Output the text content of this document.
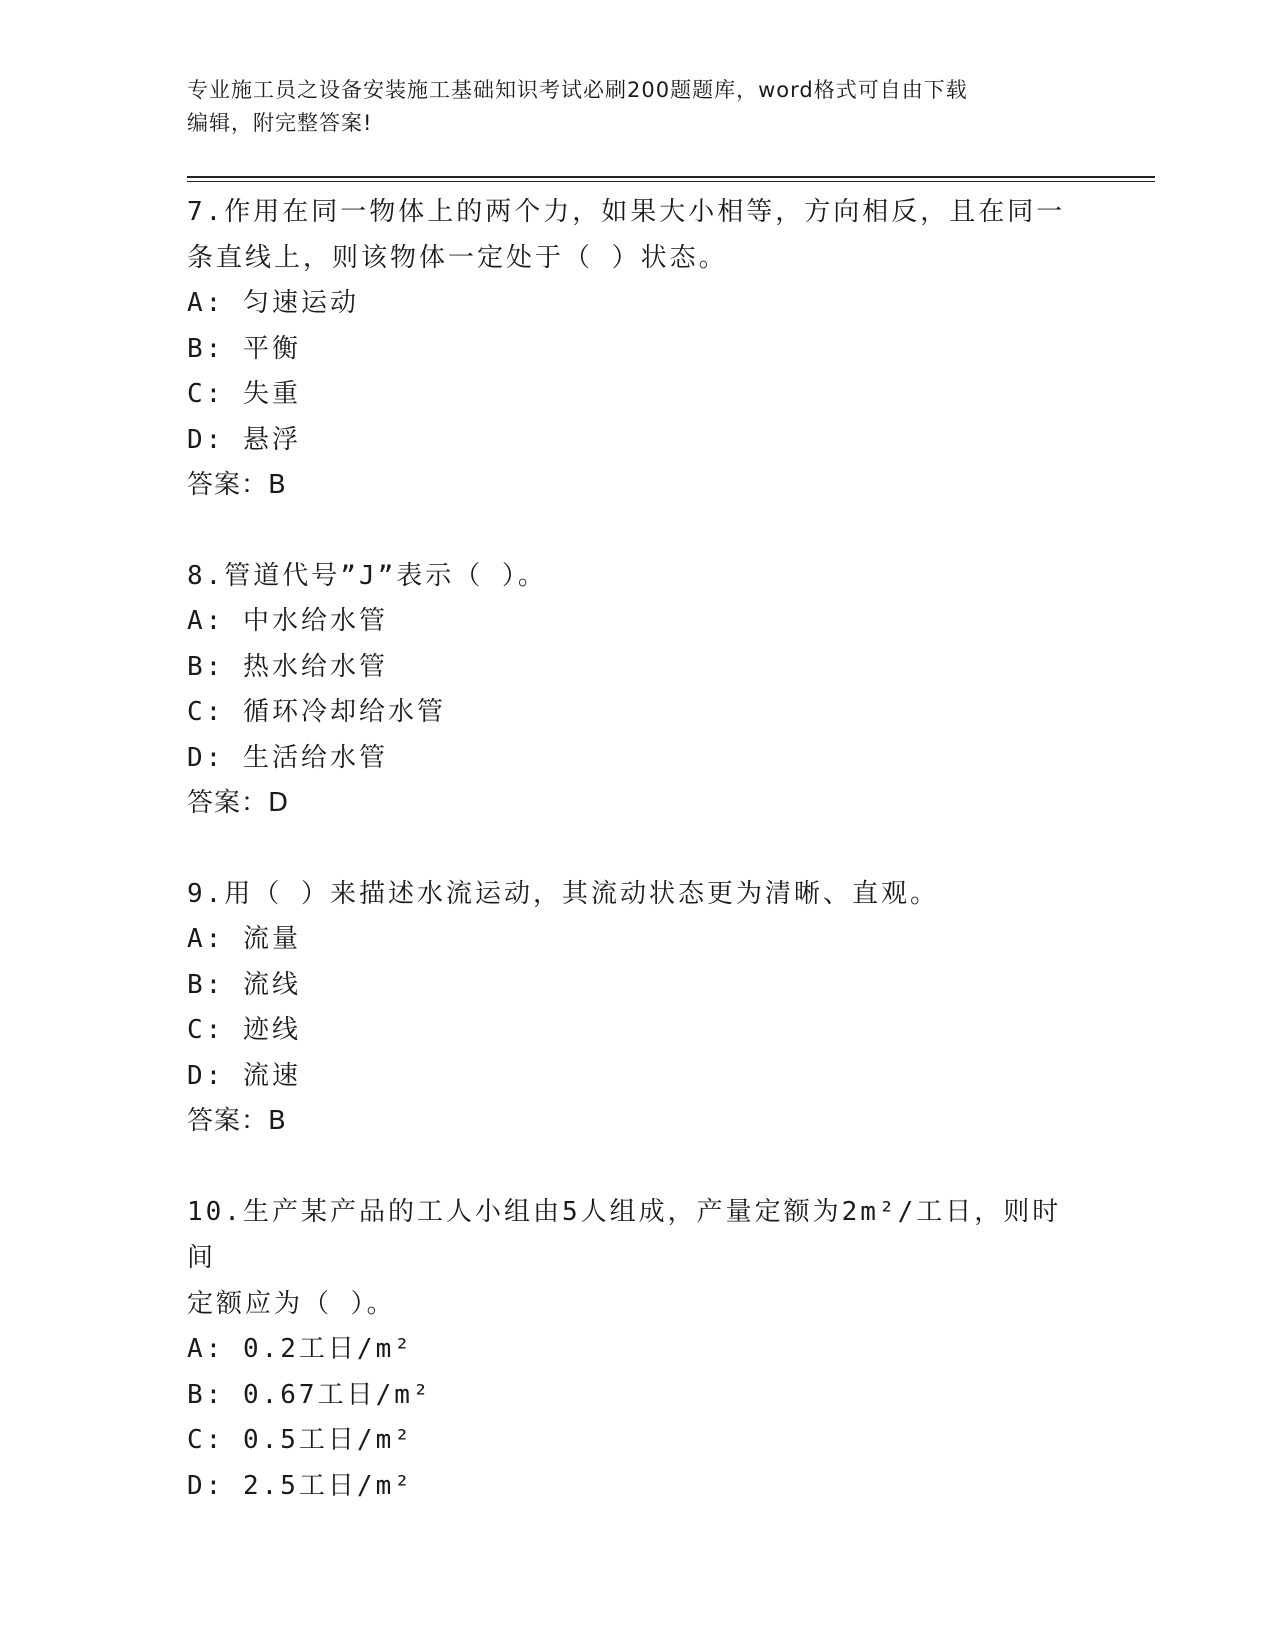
专业施工员之设备安装施工基础知识考试必刷200题题库，word格式可自由下载
编辑，附完整答案!
7.作用在同一物体上的两个力，如果大小相等，方向相反，且在同一
条直线上，则该物体一定处于（ ）状态。
A: 匀速运动
B: 平衡
C: 失重
D: 悬浮
答案：B
8.管道代号”J”表示（ ）。
A: 中水给水管
B: 热水给水管
C: 循环冷却给水管
D: 生活给水管
答案：D
9.用（ ）来描述水流运动，其流动状态更为清晰、直观。
A: 流量
B: 流线
C: 迹线
D: 流速
答案：B
10.生产某产品的工人小组由5人组成，产量定额为2m²/工日，则时间
定额应为（ ）。
A: 0.2工日/m²
B: 0.67工日/m²
C: 0.5工日/m²
D: 2.5工日/m²
